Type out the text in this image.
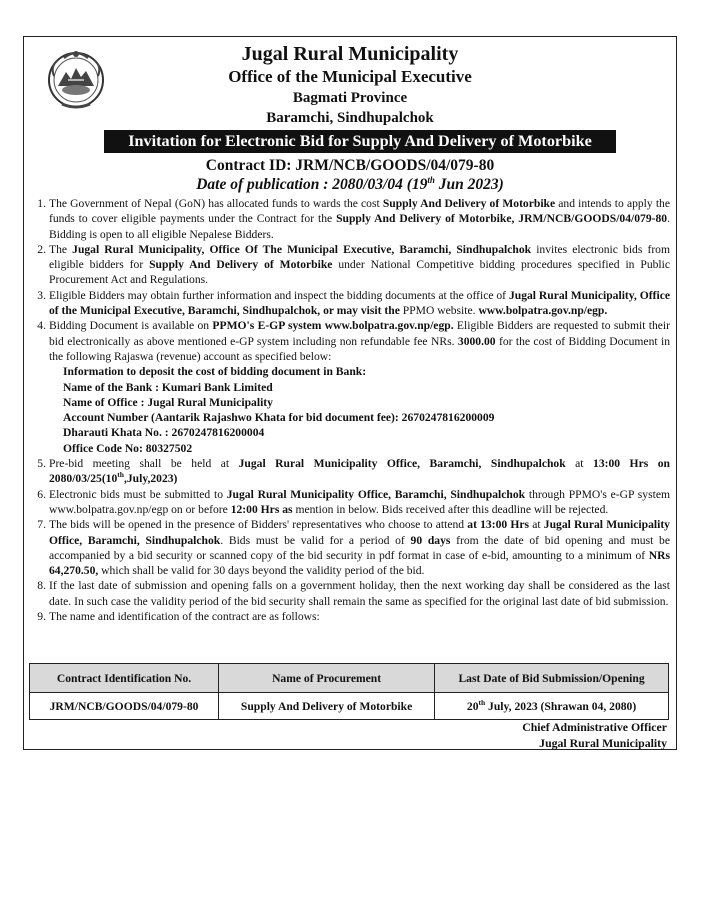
Jugal Rural Municipality
Office of the Municipal Executive
Bagmati Province
Baramchi, Sindhupalchok
Invitation for Electronic Bid for Supply And Delivery of Motorbike
Contract ID: JRM/NCB/GOODS/04/079-80
Date of publication : 2080/03/04 (19th Jun 2023)

1. The Government of Nepal (GoN) has allocated funds to wards the cost Supply And Delivery of Motorbike and intends to apply the funds to cover eligible payments under the Contract for the Supply And Delivery of Motorbike, JRM/NCB/GOODS/04/079-80. Bidding is open to all eligible Nepalese Bidders.

2. The Jugal Rural Municipality, Office Of The Municipal Executive, Baramchi, Sindhupalchok invites electronic bids from eligible bidders for Supply And Delivery of Motorbike under National Competitive bidding procedures specified in Public Procurement Act and Regulations.

3. Eligible Bidders may obtain further information and inspect the bidding documents at the office of Jugal Rural Municipality, Office of the Municipal Executive, Baramchi, Sindhupalchok, or may visit the PPMO website. www.bolpatra.gov.np/egp.

4. Bidding Document is available on PPMO's E-GP system www.bolpatra.gov.np/egp. Eligible Bidders are requested to submit their bid electronically as above mentioned e-GP system including non refundable fee NRs. 3000.00 for the cost of Bidding Document in the following Rajaswa (revenue) account as specified below:
Information to deposit the cost of bidding document in Bank:
Name of the Bank : Kumari Bank Limited
Name of Office : Jugal Rural Municipality
Account Number (Aantarik Rajashwo Khata for bid document fee): 2670247816200009
Dharauti Khata No. : 2670247816200004
Office Code No: 80327502

5. Pre-bid meeting shall be held at Jugal Rural Municipality Office, Baramchi, Sindhupalchok at 13:00 Hrs on 2080/03/25(10th,July,2023)

6. Electronic bids must be submitted to Jugal Rural Municipality Office, Baramchi, Sindhupalchok through PPMO's e-GP system www.bolpatra.gov.np/egp on or before 12:00 Hrs as mention in below. Bids received after this deadline will be rejected.

7. The bids will be opened in the presence of Bidders' representatives who choose to attend at 13:00 Hrs at Jugal Rural Municipality Office, Baramchi, Sindhupalchok. Bids must be valid for a period of 90 days from the date of bid opening and must be accompanied by a bid security or scanned copy of the bid security in pdf format in case of e-bid, amounting to a minimum of NRs 64,270.50, which shall be valid for 30 days beyond the validity period of the bid.

8. If the last date of submission and opening falls on a government holiday, then the next working day shall be considered as the last date. In such case the validity period of the bid security shall remain the same as specified for the original last date of bid submission.

9. The name and identification of the contract are as follows:

Contract Identification No.	Name of Procurement	Last Date of Bid Submission/Opening
JRM/NCB/GOODS/04/079-80	Supply And Delivery of Motorbike	20th July, 2023 (Shrawan 04, 2080)
Chief Administrative Officer
Jugal Rural Municipality
